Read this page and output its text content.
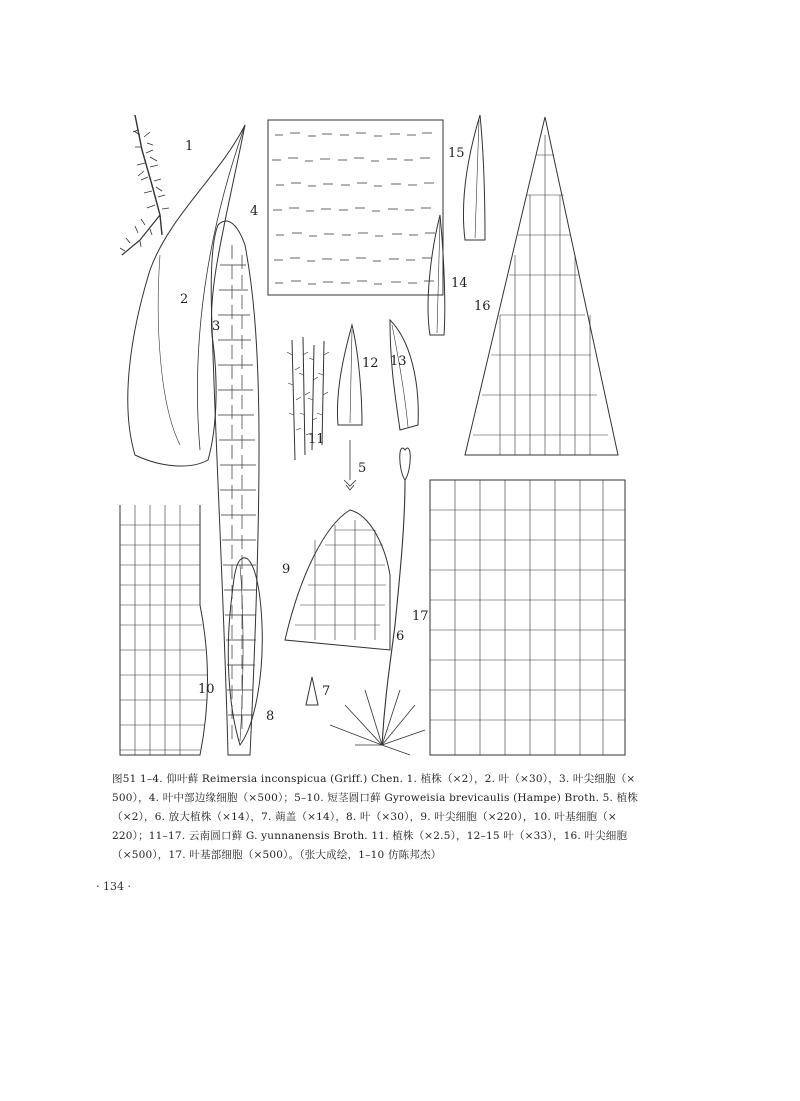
1
2
3
4
5
6
7
8
9
10
11
12 13
14
15
16
17
图51 1–4. 仰叶藓 Reimersia inconspicua (Griff.) Chen. 1. 植株（×2），2. 叶（×30），3. 叶尖细胞（×
500），4. 叶中部边缘细胞（×500）；5–10. 短茎圆口藓 Gyroweisia brevicaulis (Hampe) Broth. 5. 植株
（×2），6. 放大植株（×14），7. 蒴盖（×14），8. 叶（×30），9. 叶尖细胞（×220），10. 叶基细胞（×
220）；11–17. 云南圆口藓 G. yunnanensis Broth. 11. 植株（×2.5），12–15 叶（×33），16. 叶尖细胞
（×500），17. 叶基部细胞（×500）。（张大成绘，1–10 仿陈邦杰）
· 134 ·
